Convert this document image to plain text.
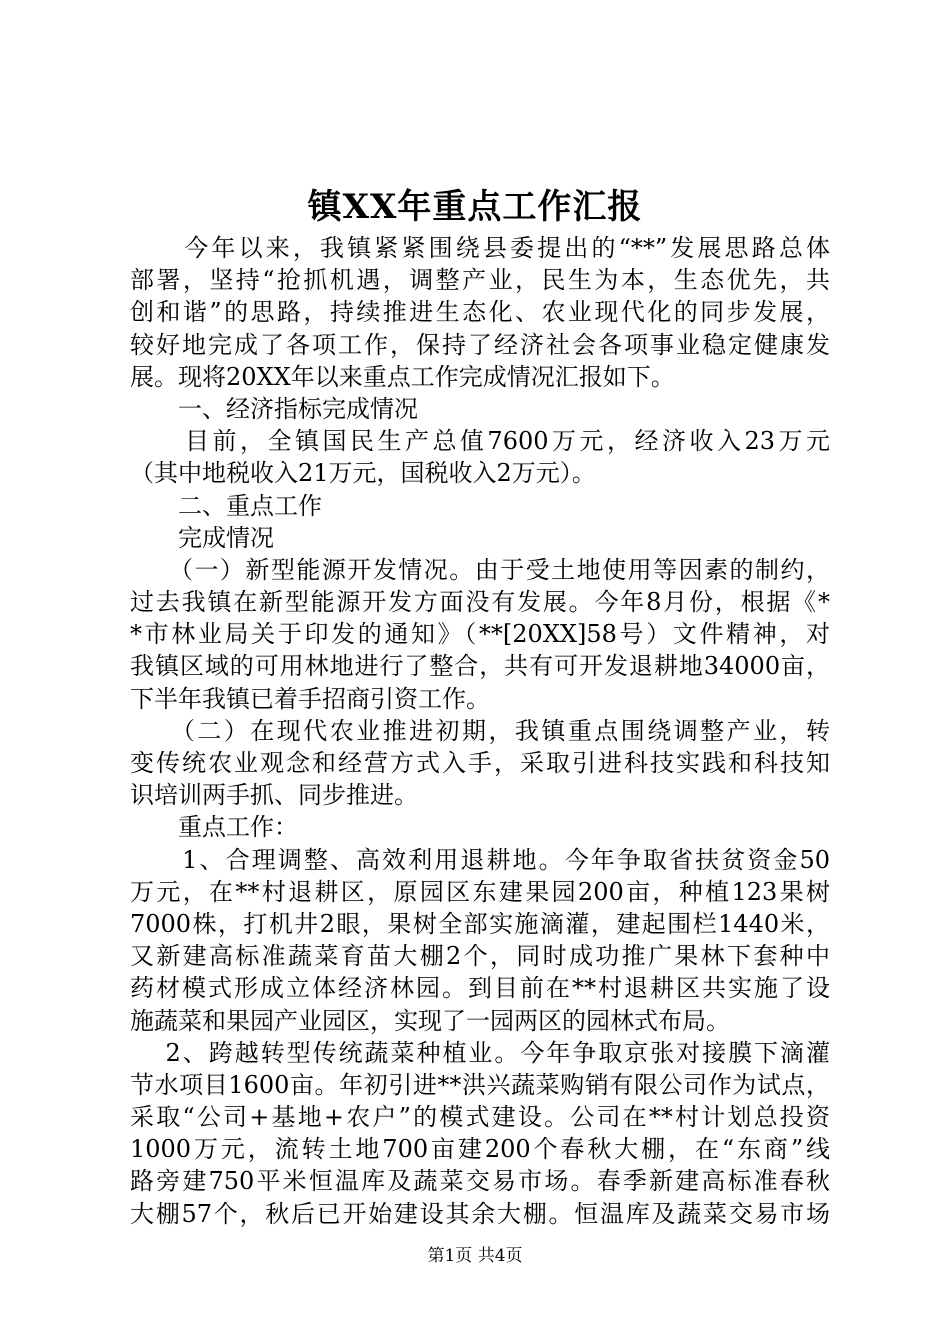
镇XX年重点工作汇报
　　今年以来，我镇紧紧围绕县委提出的“**”发展思路总体
部署，坚持“抢抓机遇，调整产业，民生为本，生态优先，共
创和谐”的思路，持续推进生态化、农业现代化的同步发展，
较好地完成了各项工作，保持了经济社会各项事业稳定健康发
展。现将20XX年以来重点工作完成情况汇报如下。
　　一、经济指标完成情况
　　目前，全镇国民生产总值7600万元，经济收入23万元
（其中地税收入21万元，国税收入2万元）。
　　二、重点工作
　　完成情况
　　（一）新型能源开发情况。由于受土地使用等因素的制约，
过去我镇在新型能源开发方面没有发展。今年8月份，根据《*
*市林业局关于印发的通知》（**[20XX]58号）文件精神，对
我镇区域的可用林地进行了整合，共有可开发退耕地34000亩，
下半年我镇已着手招商引资工作。
　　（二）在现代农业推进初期，我镇重点围绕调整产业，转
变传统农业观念和经营方式入手，采取引进科技实践和科技知
识培训两手抓、同步推进。
　　重点工作：
　　1、合理调整、高效利用退耕地。今年争取省扶贫资金50
万元，在**村退耕区，原园区东建果园200亩，种植123果树
7000株，打机井2眼，果树全部实施滴灌，建起围栏1440米，
又新建高标准蔬菜育苗大棚2个，同时成功推广果林下套种中
药材模式形成立体经济林园。到目前在**村退耕区共实施了设
施蔬菜和果园产业园区，实现了一园两区的园林式布局。
　 2、跨越转型传统蔬菜种植业。今年争取京张对接膜下滴灌
节水项目1600亩。年初引进**洪兴蔬菜购销有限公司作为试点，
采取“公司+基地+农户”的模式建设。公司在**村计划总投资
1000万元，流转土地700亩建200个春秋大棚，在“东商”线
路旁建750平米恒温库及蔬菜交易市场。春季新建高标准春秋
大棚57个，秋后已开始建设其余大棚。恒温库及蔬菜交易市场
第1页 共4页
